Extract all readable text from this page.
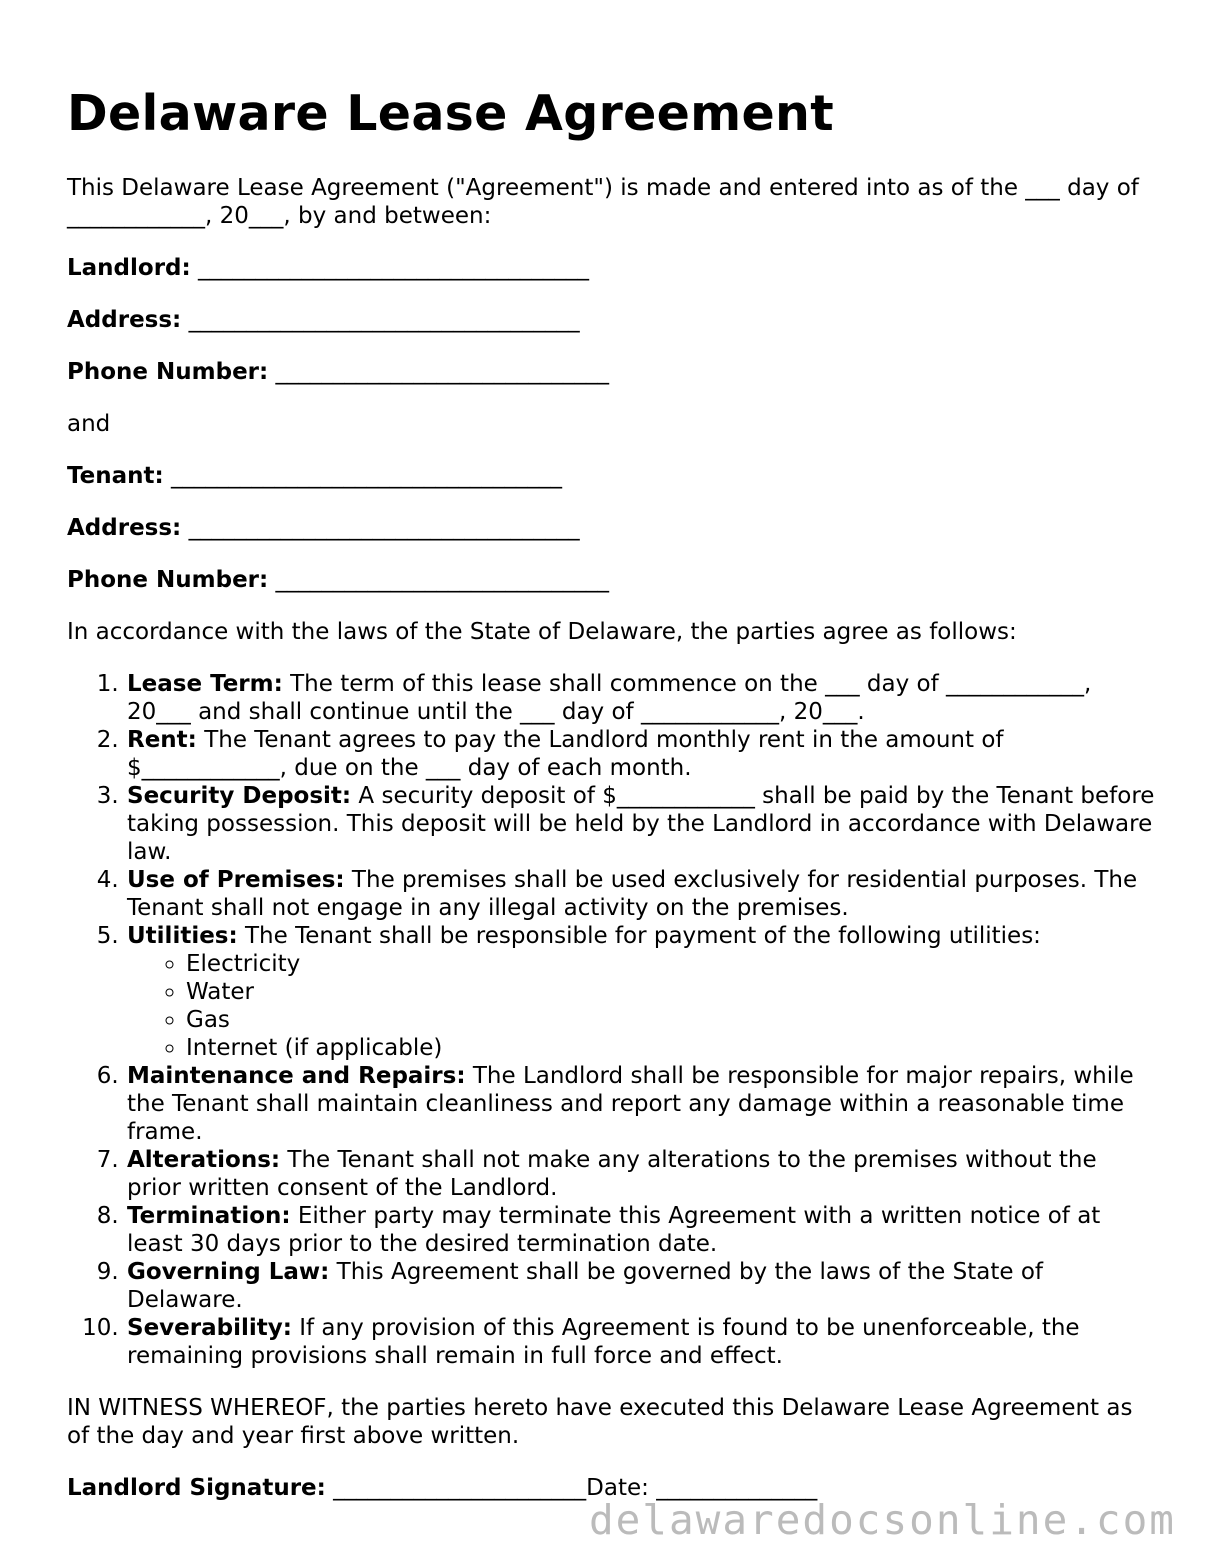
Delaware Lease Agreement

This Delaware Lease Agreement ("Agreement") is made and entered into as of the ___ day of ____________, 20___, by and between:

Landlord: __________________________________

Address: __________________________________

Phone Number: _____________________________

and

Tenant: __________________________________

Address: __________________________________

Phone Number: _____________________________

In accordance with the laws of the State of Delaware, the parties agree as follows:

1. Lease Term: The term of this lease shall commence on the ___ day of ____________, 20___ and shall continue until the ___ day of ____________, 20___.
2. Rent: The Tenant agrees to pay the Landlord monthly rent in the amount of $____________, due on the ___ day of each month.
3. Security Deposit: A security deposit of $____________ shall be paid by the Tenant before taking possession. This deposit will be held by the Landlord in accordance with Delaware law.
4. Use of Premises: The premises shall be used exclusively for residential purposes. The Tenant shall not engage in any illegal activity on the premises.
5. Utilities: The Tenant shall be responsible for payment of the following utilities:
◦ Electricity
◦ Water
◦ Gas
◦ Internet (if applicable)
6. Maintenance and Repairs: The Landlord shall be responsible for major repairs, while the Tenant shall maintain cleanliness and report any damage within a reasonable time frame.
7. Alterations: The Tenant shall not make any alterations to the premises without the prior written consent of the Landlord.
8. Termination: Either party may terminate this Agreement with a written notice of at least 30 days prior to the desired termination date.
9. Governing Law: This Agreement shall be governed by the laws of the State of Delaware.
10. Severability: If any provision of this Agreement is found to be unenforceable, the remaining provisions shall remain in full force and effect.

IN WITNESS WHEREOF, the parties hereto have executed this Delaware Lease Agreement as of the day and year first above written.

Landlord Signature: ______________________Date: ______________

delawaredocsonline.com
